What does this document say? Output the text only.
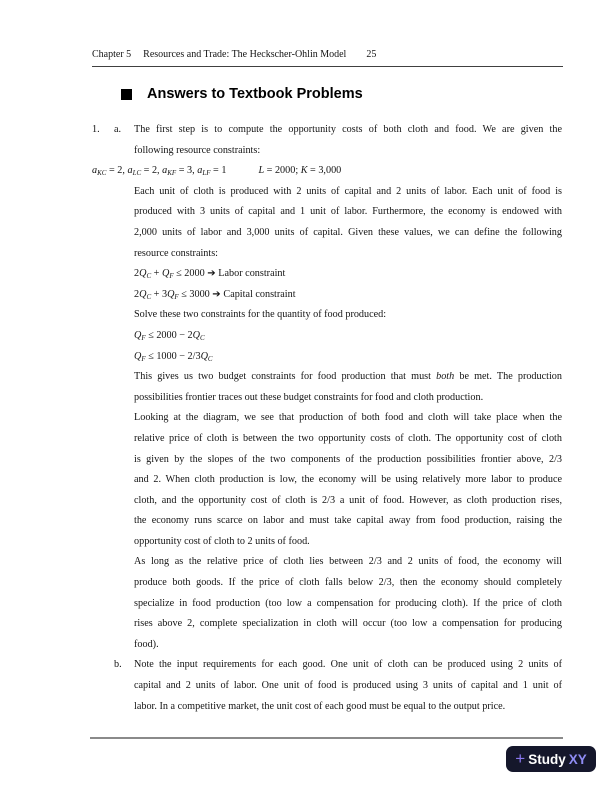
Chapter 5 Resources and Trade: The Heckscher-Ohlin Model 25
Answers to Textbook Problems
1. a. The first step is to compute the opportunity costs of both cloth and food. We are given the
following resource constraints:
$a_{KC} = 2$, $a_{LC} = 2$, $a_{KF} = 3$, $a_{LF} = 1$	L = 2000; K = 3,000
Each unit of cloth is produced with 2 units of capital and 2 units of labor. Each unit of food is
produced with 3 units of capital and 1 unit of labor. Furthermore, the economy is endowed with
2,000 units of labor and 3,000 units of capital. Given these values, we can define the following
resource constraints:
$2Q_C + Q_F \le 2000$ ➔ Labor constraint
$2Q_C + 3Q_F \le 3000$ ➔ Capital constraint
Solve these two constraints for the quantity of food produced:
$Q_F \le 2000 - 2Q_C$
$Q_F \le 1000 - 2/3Q_C$
This gives us two budget constraints for food production that must both be met. The production
possibilities frontier traces out these budget constraints for food and cloth production.
Looking at the diagram, we see that production of both food and cloth will take place when the
relative price of cloth is between the two opportunity costs of cloth. The opportunity cost of cloth
is given by the slopes of the two components of the production possibilities frontier above, 2/3
and 2. When cloth production is low, the economy will be using relatively more labor to produce
cloth, and the opportunity cost of cloth is 2/3 a unit of food. However, as cloth production rises,
the economy runs scarce on labor and must take capital away from food production, raising the
opportunity cost of cloth to 2 units of food.
As long as the relative price of cloth lies between 2/3 and 2 units of food, the economy will
produce both goods. If the price of cloth falls below 2/3, then the economy should completely
specialize in food production (too low a compensation for producing cloth). If the price of cloth
rises above 2, complete specialization in cloth will occur (too low a compensation for producing
food).
b. Note the input requirements for each good. One unit of cloth can be produced using 2 units of
capital and 2 units of labor. One unit of food is produced using 3 units of capital and 1 unit of
labor. In a competitive market, the unit cost of each good must be equal to the output price.
+ Study XY
